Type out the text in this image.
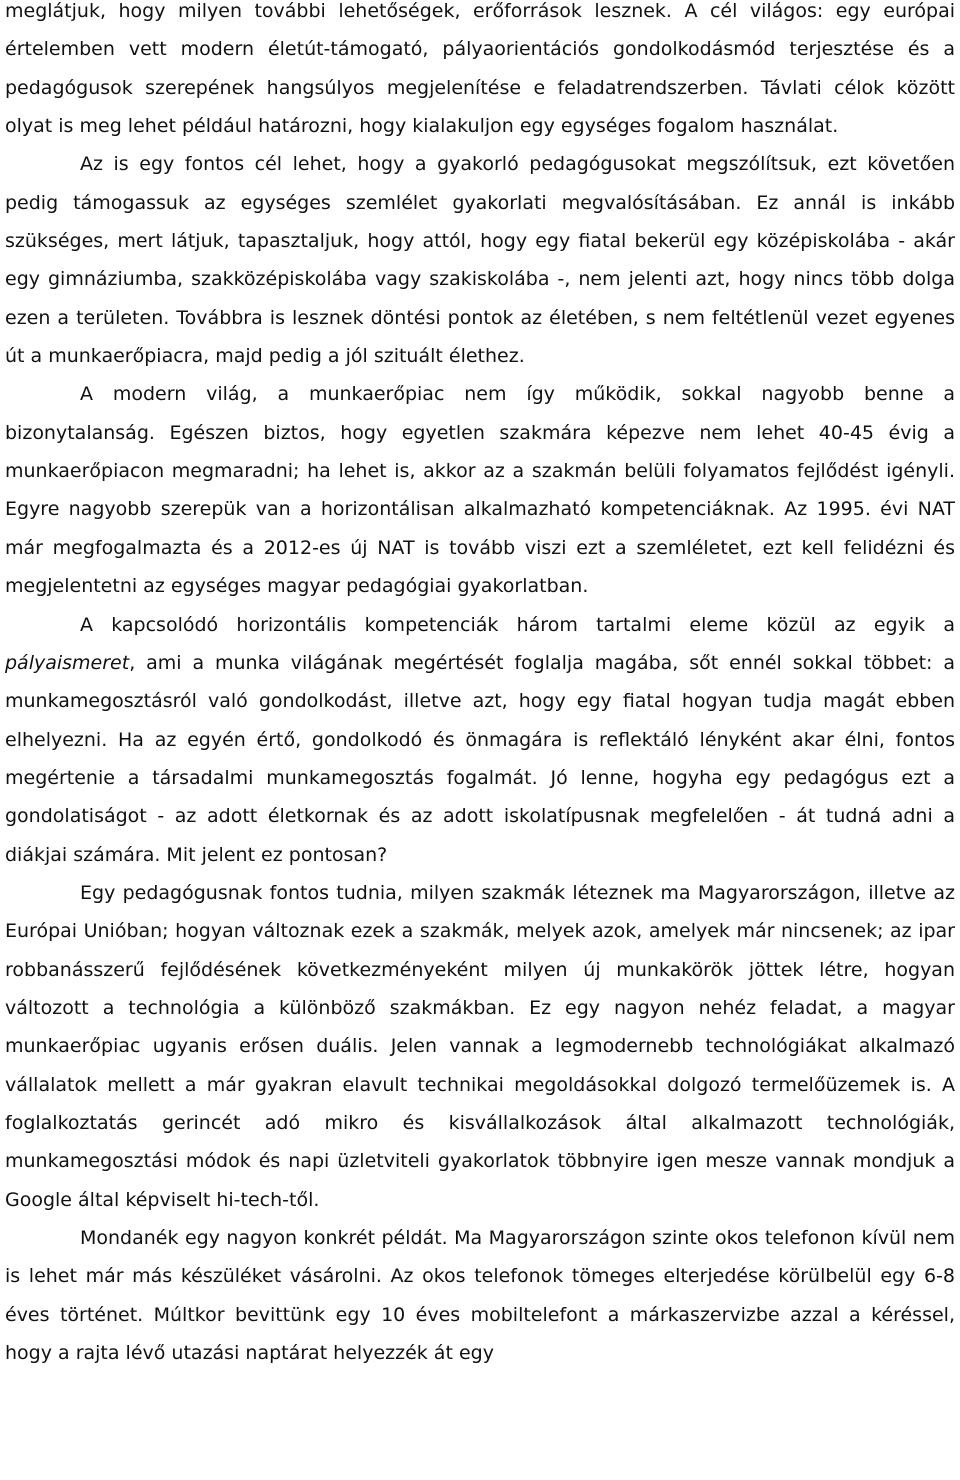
meglátjuk, hogy milyen további lehetőségek, erőforrások lesznek. A cél világos: egy európai értelemben vett modern életút-támogató, pályaorientációs gondolkodásmód terjesztése és a pedagógusok szerepének hangsúlyos megjelenítése e feladatrendszerben. Távlati célok között olyat is meg lehet például határozni, hogy kialakuljon egy egységes fogalom használat.

Az is egy fontos cél lehet, hogy a gyakorló pedagógusokat megszólítsuk, ezt követően pedig támogassuk az egységes szemlélet gyakorlati megvalósításában. Ez annál is inkább szükséges, mert látjuk, tapasztaljuk, hogy attól, hogy egy fiatal bekerül egy középiskolába - akár egy gimnáziumba, szakközépiskolába vagy szakiskolába -, nem jelenti azt, hogy nincs több dolga ezen a területen. Továbbra is lesznek döntési pontok az életében, s nem feltétlenül vezet egyenes út a munkaerőpiacra, majd pedig a jól szituált élethez.

A modern világ, a munkaerőpiac nem így működik, sokkal nagyobb benne a bizonytalanság. Egészen biztos, hogy egyetlen szakmára képezve nem lehet 40-45 évig a munkaerőpiacon megmaradni; ha lehet is, akkor az a szakmán belüli folyamatos fejlődést igényli. Egyre nagyobb szerepük van a horizontálisan alkalmazható kompetenciáknak. Az 1995. évi NAT már megfogalmazta és a 2012-es új NAT is tovább viszi ezt a szemléletet, ezt kell felidézni és megjelentetni az egységes magyar pedagógiai gyakorlatban.

A kapcsolódó horizontális kompetenciák három tartalmi eleme közül az egyik a pályaismeret, ami a munka világának megértését foglalja magába, sőt ennél sokkal többet: a munkamegosztásról való gondolkodást, illetve azt, hogy egy fiatal hogyan tudja magát ebben elhelyezni. Ha az egyén értő, gondolkodó és önmagára is reflektáló lényként akar élni, fontos megértenie a társadalmi munkamegosztás fogalmát. Jó lenne, hogyha egy pedagógus ezt a gondolatiságot - az adott életkornak és az adott iskolatípusnak megfelelően - át tudná adni a diákjai számára. Mit jelent ez pontosan?

Egy pedagógusnak fontos tudnia, milyen szakmák léteznek ma Magyarországon, illetve az Európai Unióban; hogyan változnak ezek a szakmák, melyek azok, amelyek már nincsenek; az ipar robbanásszerű fejlődésének következményeként milyen új munkakörök jöttek létre, hogyan változott a technológia a különböző szakmákban. Ez egy nagyon nehéz feladat, a magyar munkaerőpiac ugyanis erősen duális. Jelen vannak a legmodernebb technológiákat alkalmazó vállalatok mellett a már gyakran elavult technikai megoldásokkal dolgozó termelőüzemek is. A foglalkoztatás gerincét adó mikro és kisvállalkozások által alkalmazott technológiák, munkamegosztási módok és napi üzletviteli gyakorlatok többnyire igen mesze vannak mondjuk a Google által képviselt hi-tech-től.

Mondanék egy nagyon konkrét példát. Ma Magyarországon szinte okos telefonon kívül nem is lehet már más készüléket vásárolni. Az okos telefonok tömeges elterjedése körülbelül egy 6-8 éves történet. Múltkor bevittünk egy 10 éves mobiltelefont a márkaszervizbe azzal a kéréssel, hogy a rajta lévő utazási naptárat helyezzék át egy
